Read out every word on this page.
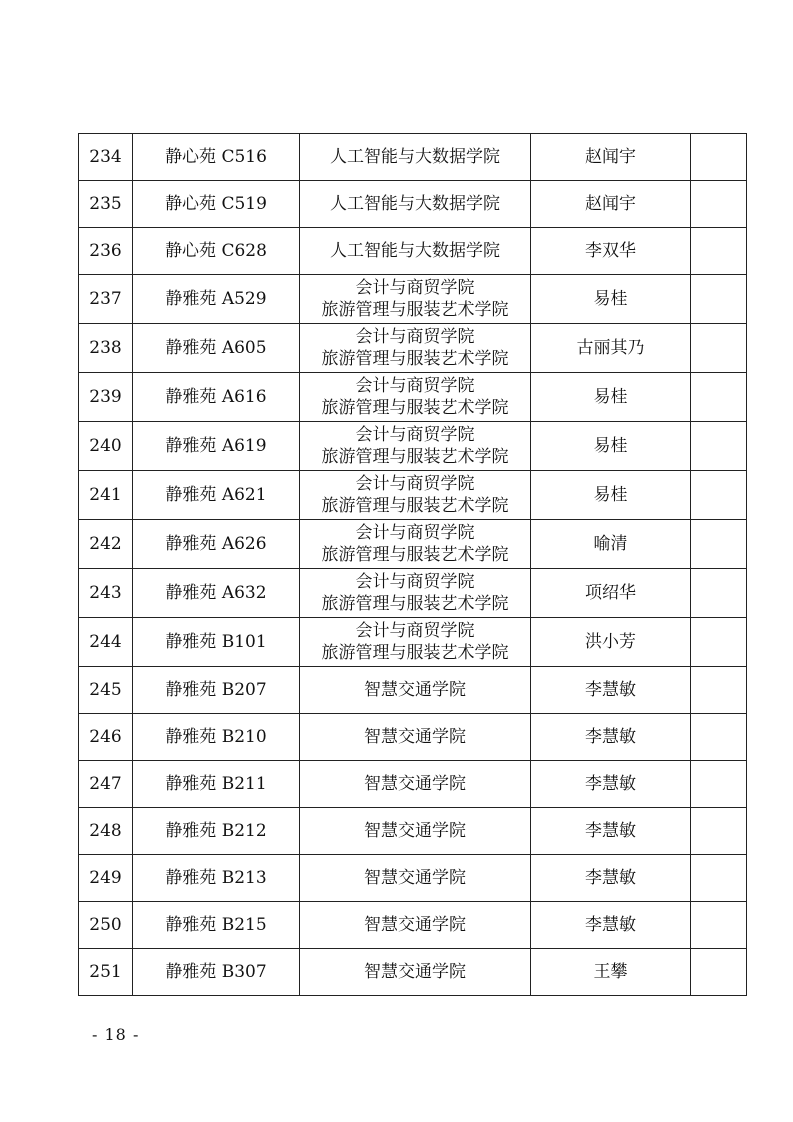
234	静心苑 C516	人工智能与大数据学院	赵闻宇	
235	静心苑 C519	人工智能与大数据学院	赵闻宇	
236	静心苑 C628	人工智能与大数据学院	李双华	
237	静雅苑 A529	会计与商贸学院
旅游管理与服装艺术学院	易桂	
238	静雅苑 A605	会计与商贸学院
旅游管理与服装艺术学院	古丽其乃	
239	静雅苑 A616	会计与商贸学院
旅游管理与服装艺术学院	易桂	
240	静雅苑 A619	会计与商贸学院
旅游管理与服装艺术学院	易桂	
241	静雅苑 A621	会计与商贸学院
旅游管理与服装艺术学院	易桂	
242	静雅苑 A626	会计与商贸学院
旅游管理与服装艺术学院	喻清	
243	静雅苑 A632	会计与商贸学院
旅游管理与服装艺术学院	项绍华	
244	静雅苑 B101	会计与商贸学院
旅游管理与服装艺术学院	洪小芳	
245	静雅苑 B207	智慧交通学院	李慧敏	
246	静雅苑 B210	智慧交通学院	李慧敏	
247	静雅苑 B211	智慧交通学院	李慧敏	
248	静雅苑 B212	智慧交通学院	李慧敏	
249	静雅苑 B213	智慧交通学院	李慧敏	
250	静雅苑 B215	智慧交通学院	李慧敏	
251	静雅苑 B307	智慧交通学院	王攀	
- 18 -
